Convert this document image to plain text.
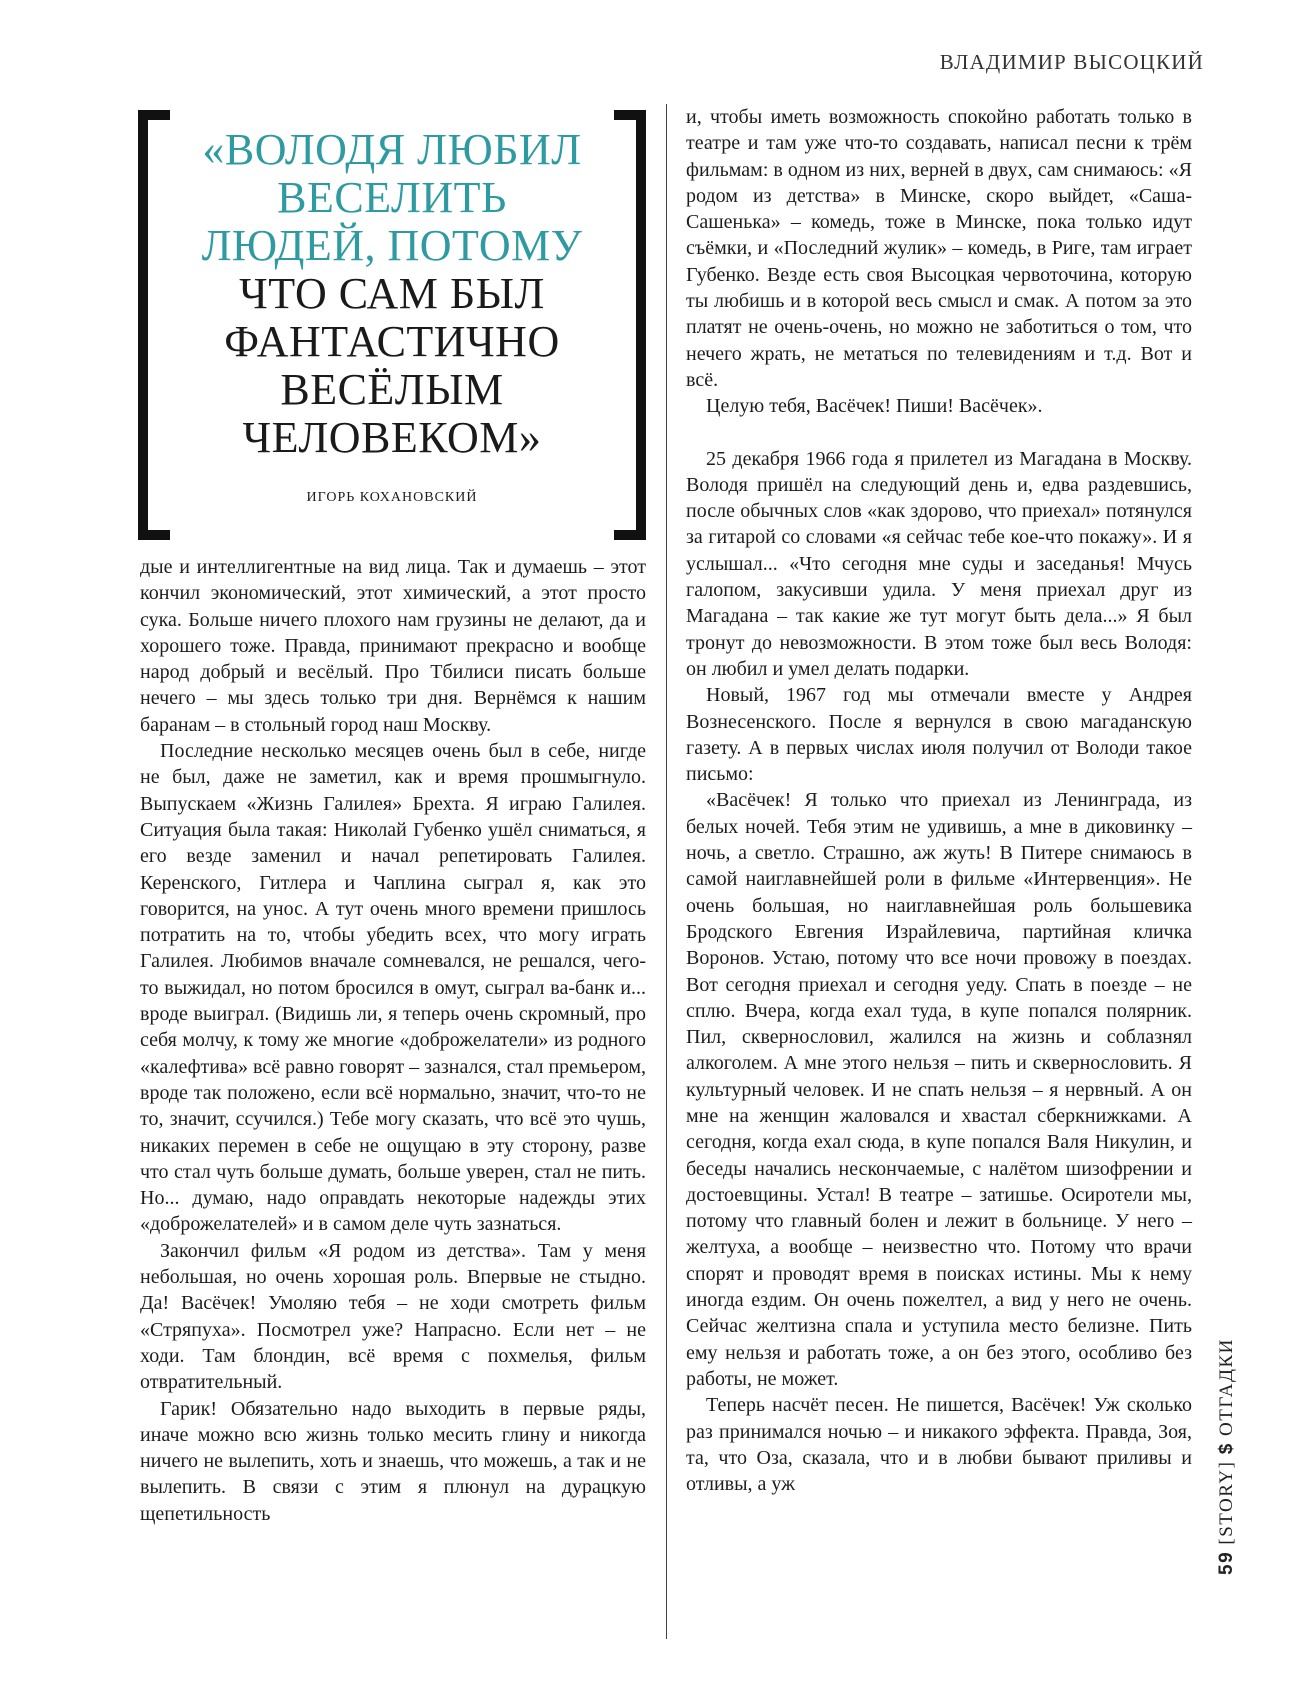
ВЛАДИМИР ВЫСОЦКИЙ
«ВОЛОДЯ ЛЮБИЛ
ВЕСЕЛИТЬ
ЛЮДЕЙ, ПОТОМУ
ЧТО САМ БЫЛ
ФАНТАСТИЧНО
ВЕСЁЛЫМ
ЧЕЛОВЕКОМ»
ИГОРЬ КОХАНОВСКИЙ

дые и интеллигентные на вид лица. Так и думаешь – этот кончил экономический, этот химический, а этот просто сука. Больше ничего плохого нам грузины не делают, да и хорошего тоже. Правда, принимают прекрасно и вообще народ добрый и весёлый. Про Тбилиси писать больше нечего – мы здесь только три дня. Вернёмся к нашим баранам – в стольный город наш Москву.

Последние несколько месяцев очень был в себе, нигде не был, даже не заметил, как и время прошмыгнуло. Выпускаем «Жизнь Галилея» Брехта. Я играю Галилея. Ситуация была такая: Николай Губенко ушёл сниматься, я его везде заменил и начал репетировать Галилея. Керенского, Гитлера и Чаплина сыграл я, как это говорится, на унос. А тут очень много времени пришлось потратить на то, чтобы убедить всех, что могу играть Галилея. Любимов вначале сомневался, не решался, чего-то выжидал, но потом бросился в омут, сыграл ва-банк и... вроде выиграл. (Видишь ли, я теперь очень скромный, про себя молчу, к тому же многие «доброжелатели» из родного «калефтива» всё равно говорят – зазнался, стал премьером, вроде так положено, если всё нормально, значит, что-то не то, значит, ссучился.) Тебе могу сказать, что всё это чушь, никаких перемен в себе не ощущаю в эту сторону, разве что стал чуть больше думать, больше уверен, стал не пить. Но... думаю, надо оправдать некоторые надежды этих «доброжелателей» и в самом деле чуть зазнаться.

Закончил фильм «Я родом из детства». Там у меня небольшая, но очень хорошая роль. Впервые не стыдно. Да! Васёчек! Умоляю тебя – не ходи смотреть фильм «Стряпуха». Посмотрел уже? Напрасно. Если нет – не ходи. Там блондин, всё время с похмелья, фильм отвратительный.

Гарик! Обязательно надо выходить в первые ряды, иначе можно всю жизнь только месить глину и никогда ничего не вылепить, хоть и знаешь, что можешь, а так и не вылепить. В связи с этим я плюнул на дурацкую щепетильность

и, чтобы иметь возможность спокойно работать только в театре и там уже что-то создавать, написал песни к трём фильмам: в одном из них, верней в двух, сам снимаюсь: «Я родом из детства» в Минске, скоро выйдет, «Саша-Сашенька» – комедь, тоже в Минске, пока только идут съёмки, и «Последний жулик» – комедь, в Риге, там играет Губенко. Везде есть своя Высоцкая червоточина, которую ты любишь и в которой весь смысл и смак. А потом за это платят не очень-очень, но можно не заботиться о том, что нечего жрать, не метаться по телевидениям и т.д. Вот и всё.

Целую тебя, Васёчек! Пиши! Васёчек».

25 декабря 1966 года я прилетел из Магадана в Москву. Володя пришёл на следующий день и, едва раздевшись, после обычных слов «как здорово, что приехал» потянулся за гитарой со словами «я сейчас тебе кое-что покажу». И я услышал... «Что сегодня мне суды и заседанья! Мчусь галопом, закусивши удила. У меня приехал друг из Магадана – так какие же тут могут быть дела...» Я был тронут до невозможности. В этом тоже был весь Володя: он любил и умел делать подарки.

Новый, 1967 год мы отмечали вместе у Андрея Вознесенского. После я вернулся в свою магаданскую газету. А в первых числах июля получил от Володи такое письмо:

«Васёчек! Я только что приехал из Ленинграда, из белых ночей. Тебя этим не удивишь, а мне в диковинку – ночь, а светло. Страшно, аж жуть! В Питере снимаюсь в самой наиглавнейшей роли в фильме «Интервенция». Не очень большая, но наиглавнейшая роль большевика Бродского Евгения Израйлевича, партийная кличка Воронов. Устаю, потому что все ночи провожу в поездах. Вот сегодня приехал и сегодня уеду. Спать в поезде – не сплю. Вчера, когда ехал туда, в купе попался полярник. Пил, сквернословил, жалился на жизнь и соблазнял алкоголем. А мне этого нельзя – пить и сквернословить. Я культурный человек. И не спать нельзя – я нервный. А он мне на женщин жаловался и хвастал сберкнижками. А сегодня, когда ехал сюда, в купе попался Валя Никулин, и беседы начались нескончаемые, с налётом шизофрении и достоевщины. Устал! В театре – затишье. Осиротели мы, потому что главный болен и лежит в больнице. У него – желтуха, а вообще – неизвестно что. Потому что врачи спорят и проводят время в поисках истины. Мы к нему иногда ездим. Он очень пожелтел, а вид у него не очень. Сейчас желтизна спала и уступила место белизне. Пить ему нельзя и работать тоже, а он без этого, особливо без работы, не может.

Теперь насчёт песен. Не пишется, Васёчек! Уж сколько раз принимался ночью – и никакого эффекта. Правда, Зоя, та, что Оза, сказала, что и в любви бывают приливы и отливы, а уж

59 [STORY] $ ОТГАДКИ
